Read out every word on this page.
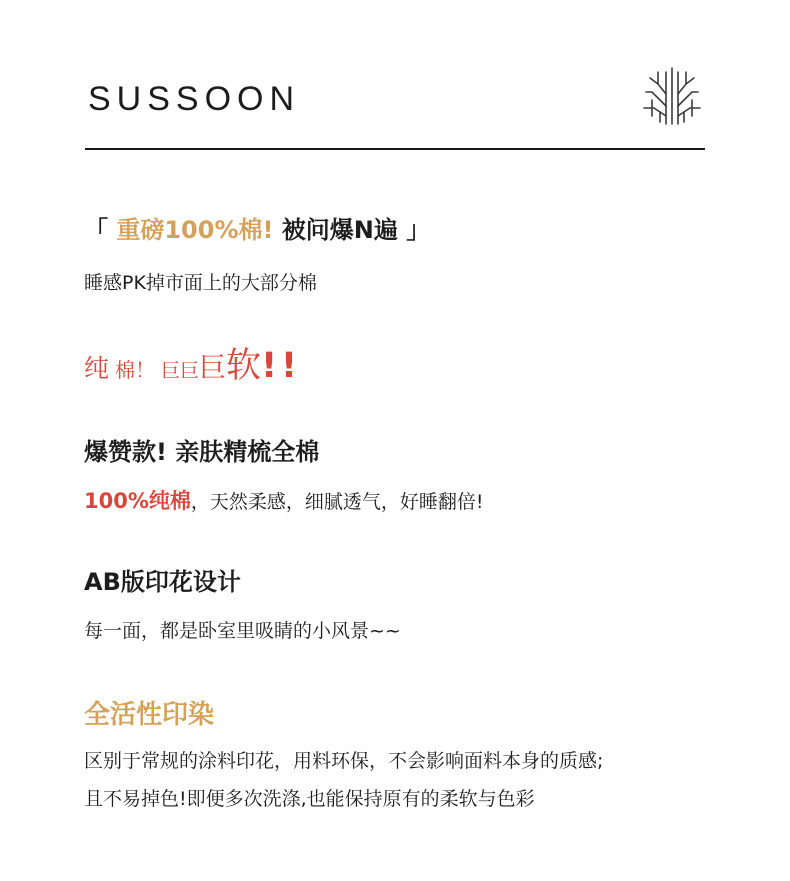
SUSSOON
「 重磅100%棉! 被问爆N遍 」
睡感PK掉市面上的大部分棉
纯 棉！ 巨巨巨软!!
爆赞款! 亲肤精梳全棉
100%纯棉，天然柔感，细腻透气，好睡翻倍!
AB版印花设计
每一面，都是卧室里吸睛的小风景~~
全活性印染
区别于常规的涂料印花，用料环保，不会影响面料本身的质感;
且不易掉色!即便多次洗涤,也能保持原有的柔软与色彩
